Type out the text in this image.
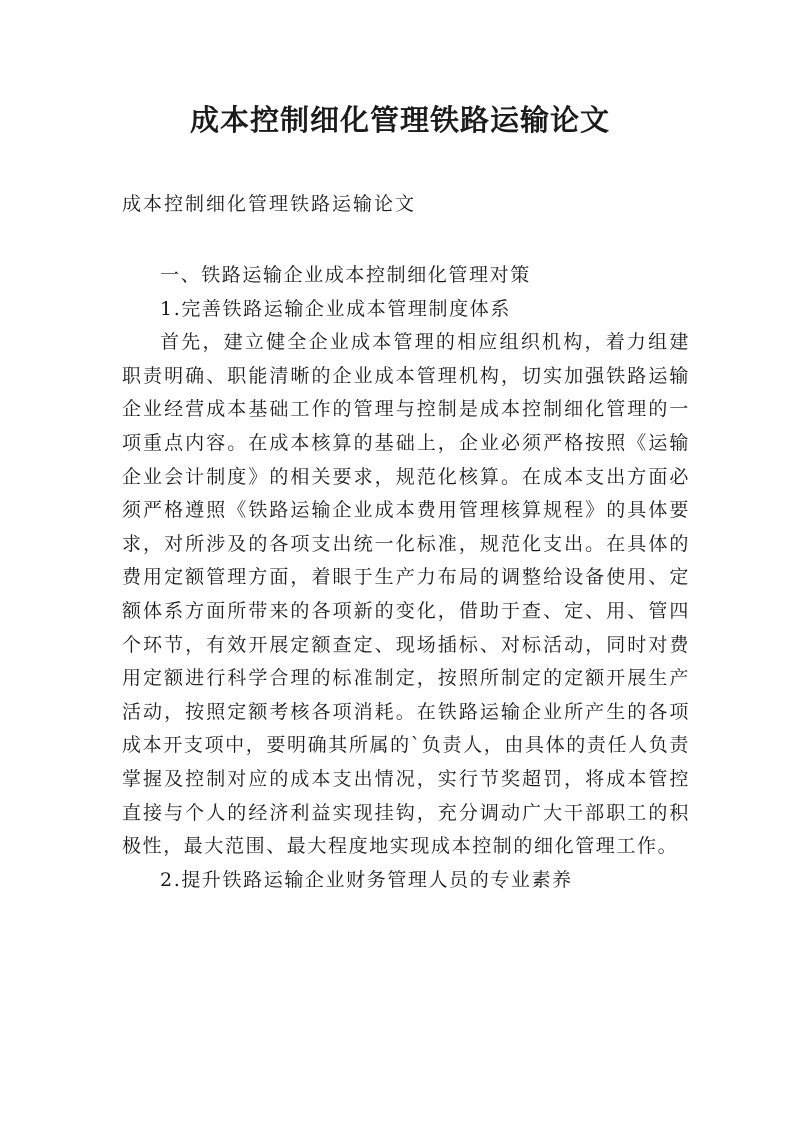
成本控制细化管理铁路运输论文
成本控制细化管理铁路运输论文

一、铁路运输企业成本控制细化管理对策

1.完善铁路运输企业成本管理制度体系

首先，建立健全企业成本管理的相应组织机构，着力组建职责明确、职能清晰的企业成本管理机构，切实加强铁路运输企业经营成本基础工作的管理与控制是成本控制细化管理的一项重点内容。在成本核算的基础上，企业必须严格按照《运输企业会计制度》的相关要求，规范化核算。在成本支出方面必须严格遵照《铁路运输企业成本费用管理核算规程》的具体要求，对所涉及的各项支出统一化标准，规范化支出。在具体的费用定额管理方面，着眼于生产力布局的调整给设备使用、定额体系方面所带来的各项新的变化，借助于查、定、用、管四个环节，有效开展定额查定、现场插标、对标活动，同时对费用定额进行科学合理的标准制定，按照所制定的定额开展生产活动，按照定额考核各项消耗。在铁路运输企业所产生的各项成本开支项中，要明确其所属的`负责人，由具体的责任人负责掌握及控制对应的成本支出情况，实行节奖超罚，将成本管控直接与个人的经济利益实现挂钩，充分调动广大干部职工的积极性，最大范围、最大程度地实现成本控制的细化管理工作。

2.提升铁路运输企业财务管理人员的专业素养
